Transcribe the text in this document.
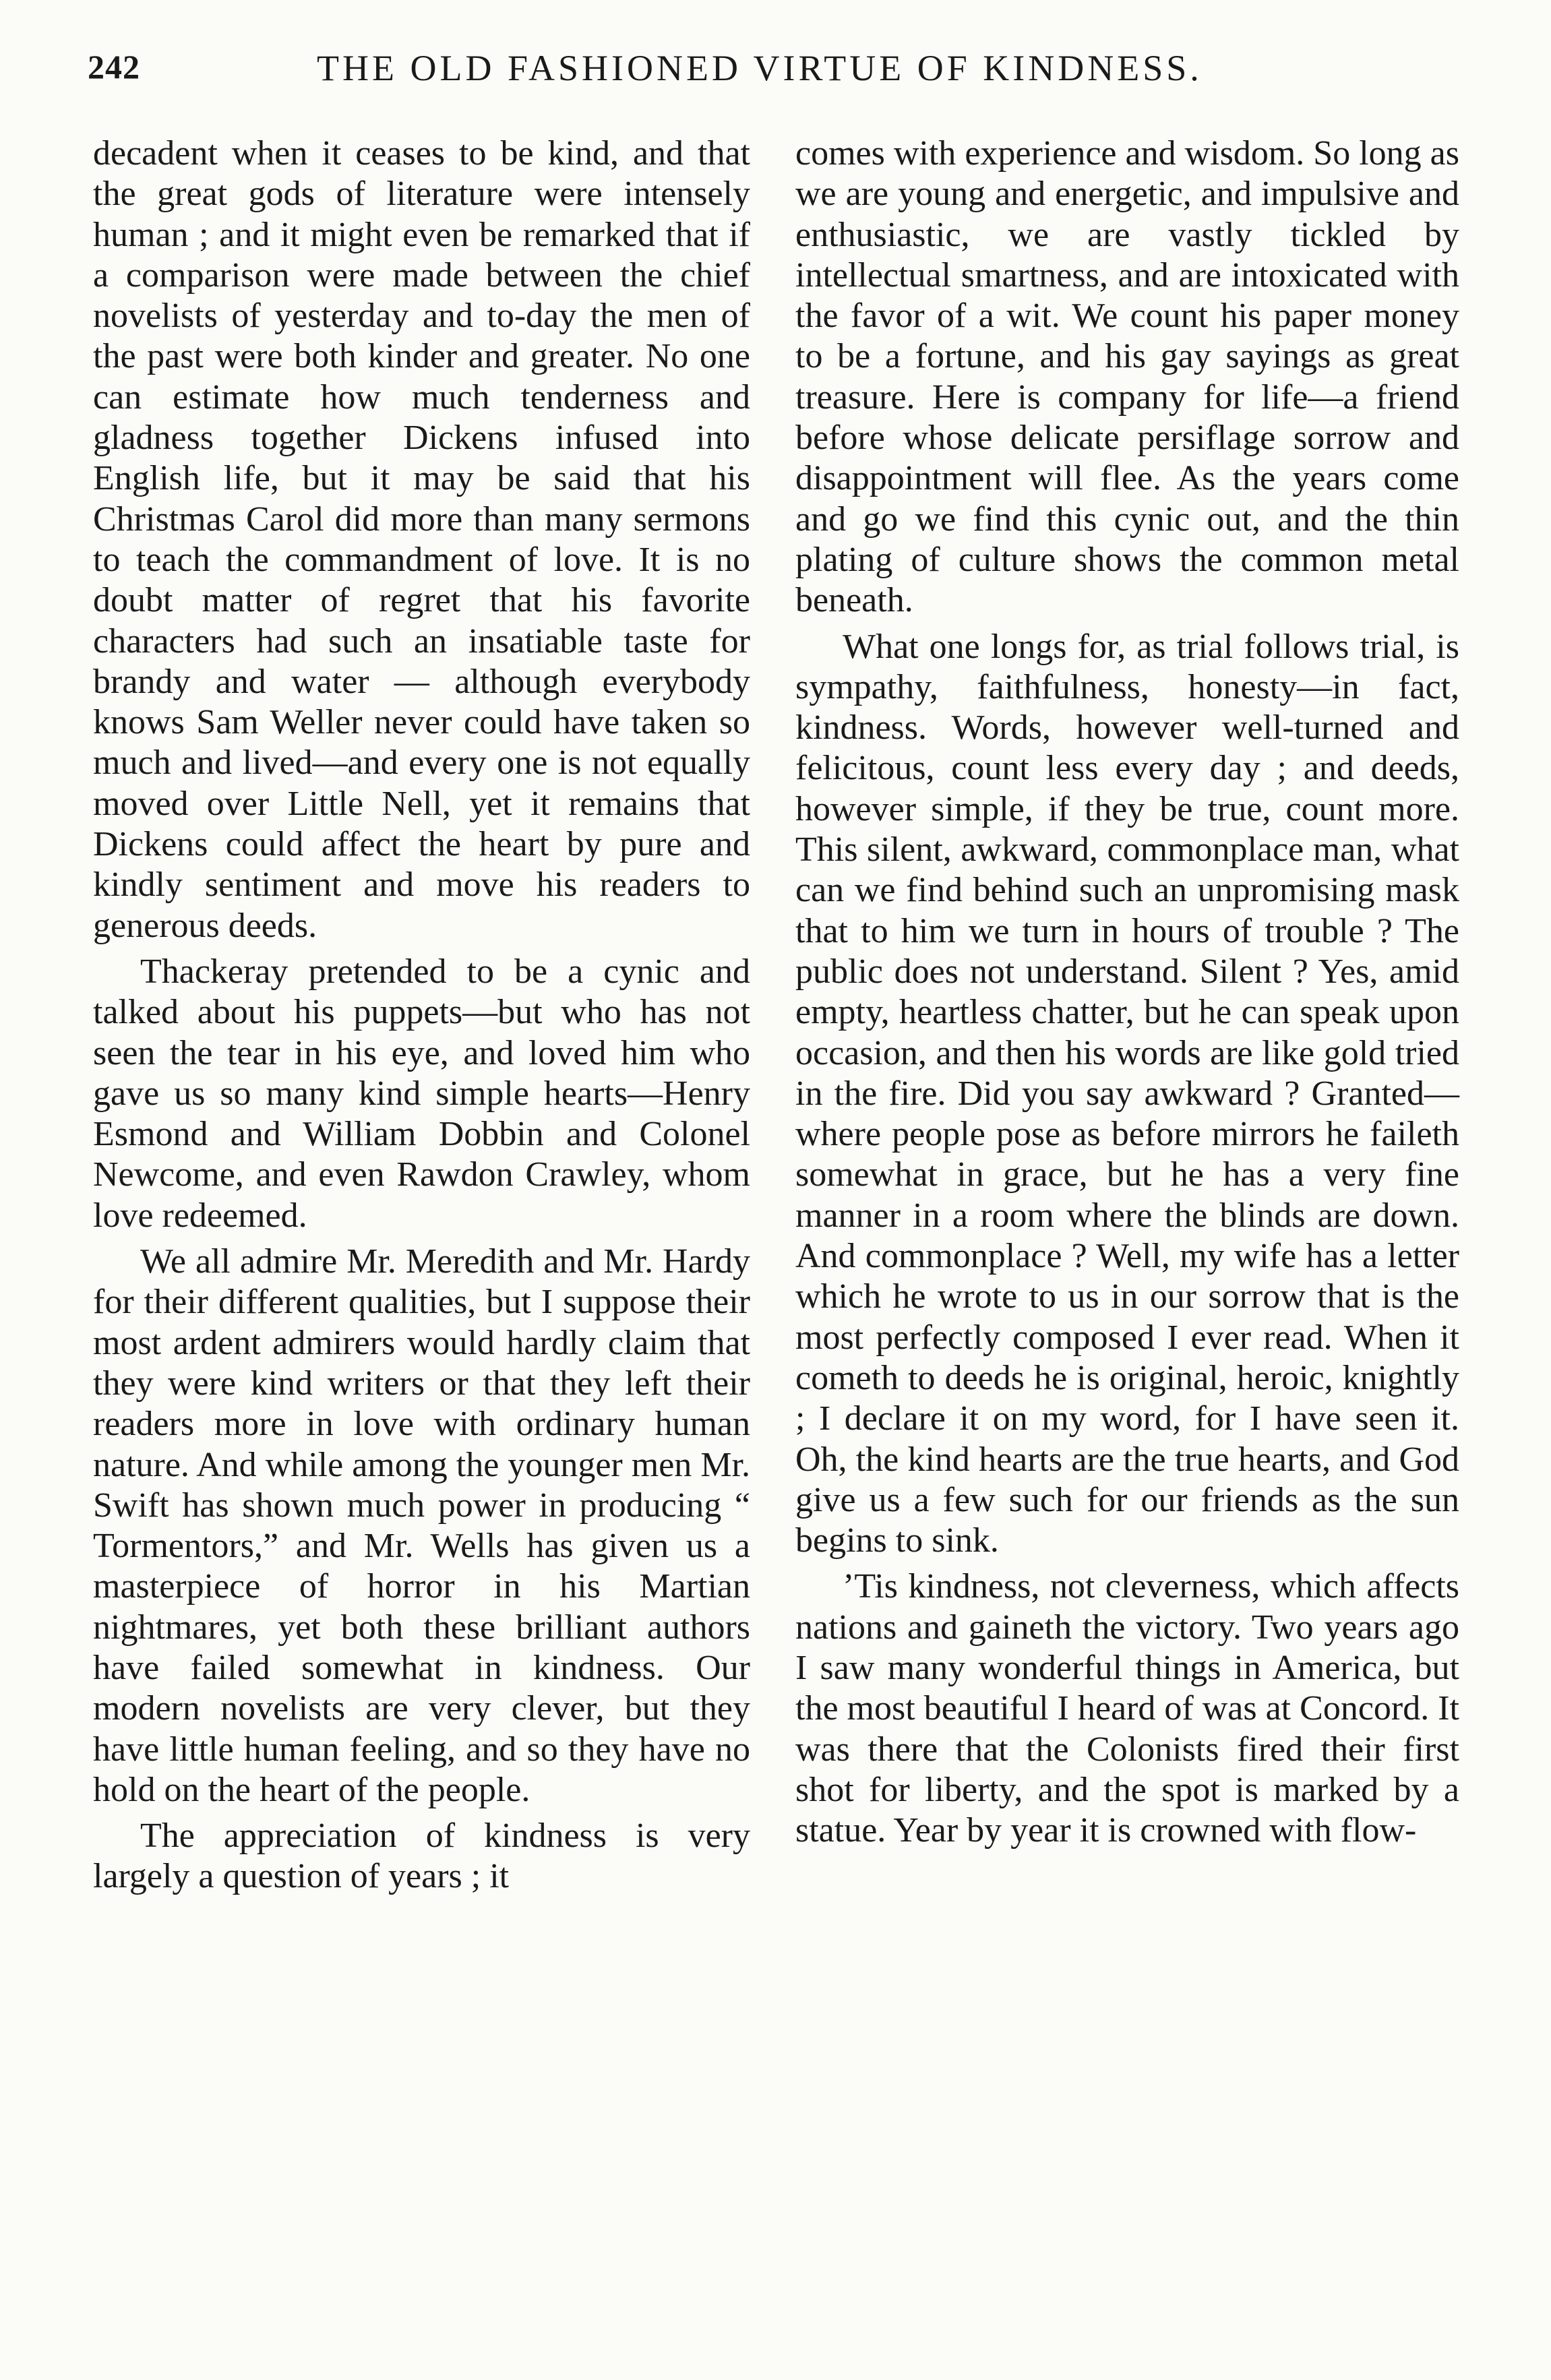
242	THE OLD FASHIONED VIRTUE OF KINDNESS.

decadent when it ceases to be kind, and that the great gods of literature were intensely human ; and it might even be remarked that if a comparison were made between the chief novelists of yesterday and to-day the men of the past were both kinder and greater. No one can estimate how much tenderness and gladness together Dickens infused into English life, but it may be said that his Christmas Carol did more than many sermons to teach the commandment of love. It is no doubt matter of regret that his favorite characters had such an insatiable taste for brandy and water — although everybody knows Sam Weller never could have taken so much and lived—and every one is not equally moved over Little Nell, yet it remains that Dickens could affect the heart by pure and kindly sentiment and move his readers to generous deeds.

Thackeray pretended to be a cynic and talked about his puppets—but who has not seen the tear in his eye, and loved him who gave us so many kind simple hearts—Henry Esmond and William Dobbin and Colonel Newcome, and even Rawdon Crawley, whom love redeemed.

We all admire Mr. Meredith and Mr. Hardy for their different qualities, but I suppose their most ardent admirers would hardly claim that they were kind writers or that they left their readers more in love with ordinary human nature. And while among the younger men Mr. Swift has shown much power in producing “ Tormentors,” and Mr. Wells has given us a masterpiece of horror in his Martian nightmares, yet both these brilliant authors have failed somewhat in kindness. Our modern novelists are very clever, but they have little human feeling, and so they have no hold on the heart of the people.

The appreciation of kindness is very largely a question of years ; it

comes with experience and wisdom. So long as we are young and energetic, and impulsive and enthusiastic, we are vastly tickled by intellectual smartness, and are intoxicated with the favor of a wit. We count his paper money to be a fortune, and his gay sayings as great treasure. Here is company for life—a friend before whose delicate persiflage sorrow and disappointment will flee. As the years come and go we find this cynic out, and the thin plating of culture shows the common metal beneath.

What one longs for, as trial follows trial, is sympathy, faithfulness, honesty—in fact, kindness. Words, however well-turned and felicitous, count less every day ; and deeds, however simple, if they be true, count more. This silent, awkward, commonplace man, what can we find behind such an unpromising mask that to him we turn in hours of trouble ? The public does not understand. Silent ? Yes, amid empty, heartless chatter, but he can speak upon occasion, and then his words are like gold tried in the fire. Did you say awkward ? Granted—where people pose as before mirrors he faileth somewhat in grace, but he has a very fine manner in a room where the blinds are down. And commonplace ? Well, my wife has a letter which he wrote to us in our sorrow that is the most perfectly composed I ever read. When it cometh to deeds he is original, heroic, knightly ; I declare it on my word, for I have seen it. Oh, the kind hearts are the true hearts, and God give us a few such for our friends as the sun begins to sink.

’Tis kindness, not cleverness, which affects nations and gaineth the victory. Two years ago I saw many wonderful things in America, but the most beautiful I heard of was at Concord. It was there that the Colonists fired their first shot for liberty, and the spot is marked by a statue. Year by year it is crowned with flow-
